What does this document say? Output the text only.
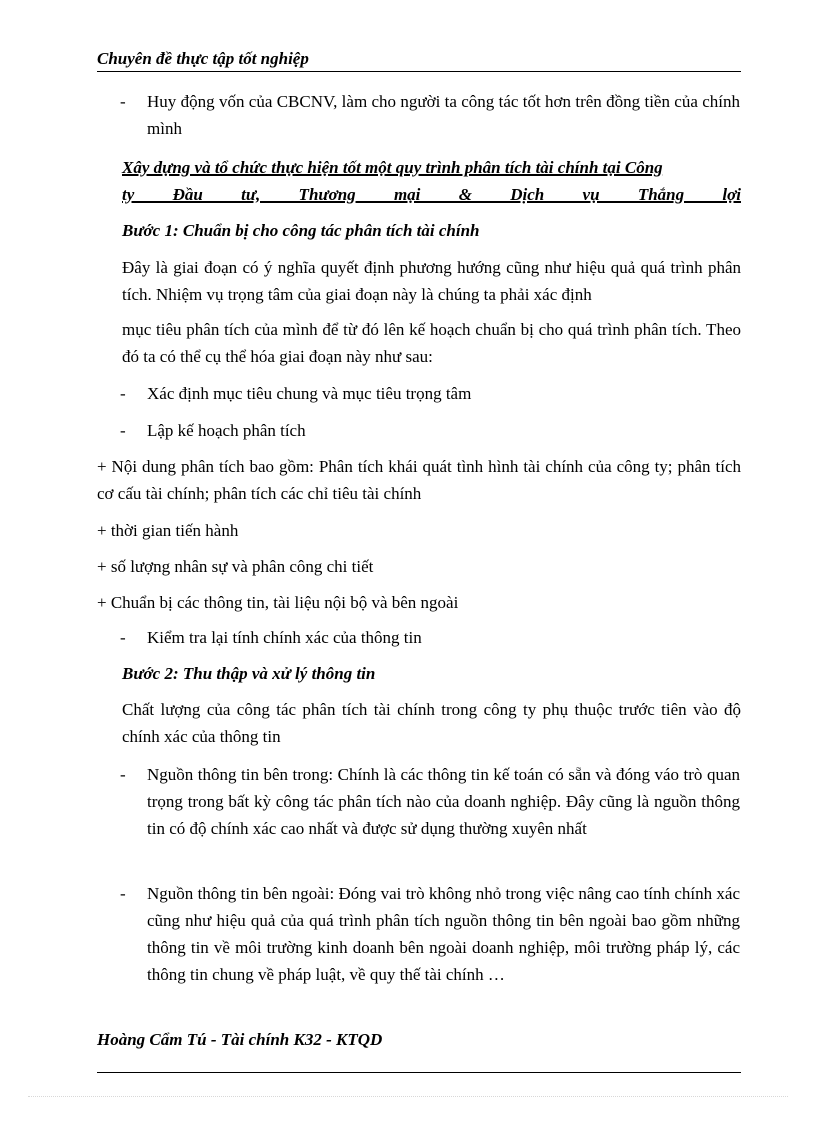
Chuyên đề thực tập tốt nghiệp
- Huy động vốn của CBCNV, làm cho người ta công tác tốt hơn trên đồng tiền của chính mình

Xây dựng và tổ chức thực hiện tốt một quy trình phân tích tài chính tại Công
ty Đầu tư, Thương mại & Dịch vụ Thắng lợi

Bước 1: Chuẩn bị cho công tác phân tích tài chính

Đây là giai đoạn có ý nghĩa quyết định phương hướng cũng như hiệu quả quá trình phân tích. Nhiệm vụ trọng tâm của giai đoạn này là chúng ta phải xác định

mục tiêu phân tích của mình để từ đó lên kế hoạch chuẩn bị cho quá trình phân tích. Theo đó ta có thể cụ thể hóa giai đoạn này như sau:

- Xác định mục tiêu chung và mục tiêu trọng tâm

- Lập kế hoạch phân tích

+ Nội dung phân tích bao gồm: Phân tích khái quát tình hình tài chính của công ty; phân tích cơ cấu tài chính; phân tích các chỉ tiêu tài chính

+ thời gian tiến hành

+ số lượng nhân sự và phân công chi tiết

+ Chuẩn bị các thông tin, tài liệu nội bộ và bên ngoài

- Kiểm tra lại tính chính xác của thông tin

Bước 2: Thu thập và xử lý thông tin

Chất lượng của công tác phân tích tài chính trong công ty phụ thuộc trước tiên vào độ chính xác của thông tin

- Nguồn thông tin bên trong: Chính là các thông tin kế toán có sẵn và đóng váo trò quan trọng trong bất kỳ công tác phân tích nào của doanh nghiệp. Đây cũng là nguồn thông tin có độ chính xác cao nhất và được sử dụng thường xuyên nhất

- Nguồn thông tin bên ngoài: Đóng vai trò không nhỏ trong việc nâng cao tính chính xác cũng như hiệu quả của quá trình phân tích nguồn thông tin bên ngoài bao gồm những thông tin về môi trường kinh doanh bên ngoài doanh nghiệp, môi trường pháp lý, các thông tin chung về pháp luật, về quy thế tài chính …

Hoàng Cẩm Tú - Tài chính K32 - KTQD
